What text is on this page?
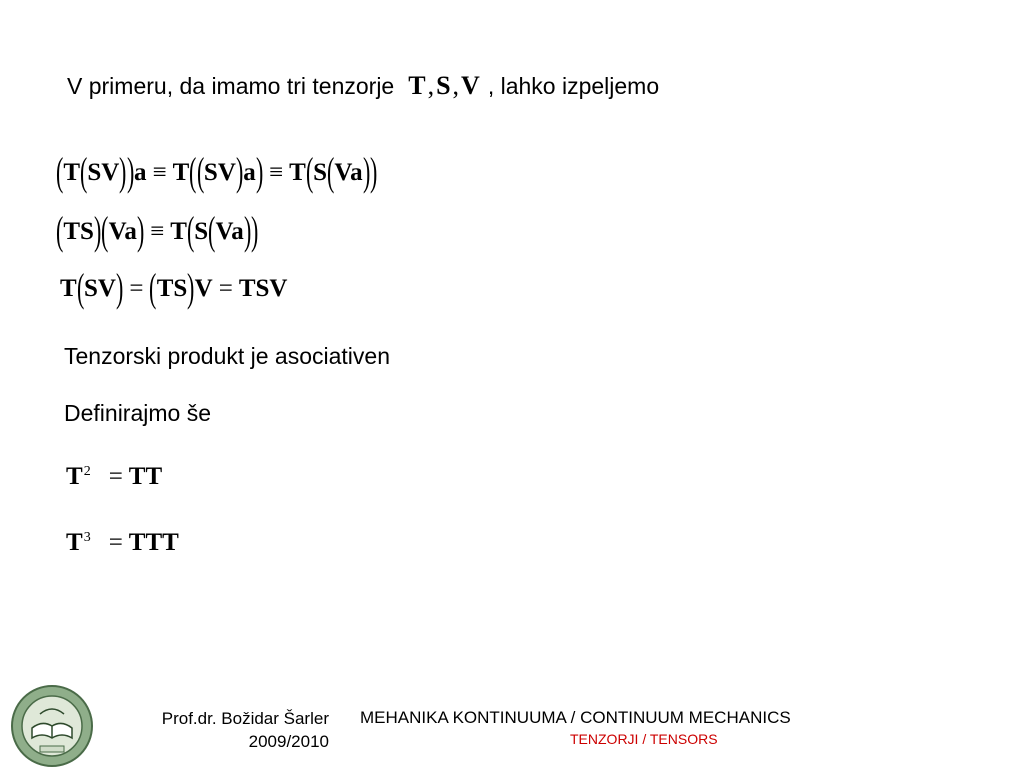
V primeru, da imamo tri tenzorje T,S,V , lahko izpeljemo
( T ( SV ) ) a ≡ T ( ( SV ) a ) ≡ T ( S ( Va ) )
( TS ) ( Va ) ≡ T ( S ( Va ) )
T ( SV ) = ( TS ) V = TSV
Tenzorski produkt je asociativen
Definirajmo še
$T^2$ = TT
$T^3$ = TTT
Prof.dr. Božidar Šarler
2009/2010
MEHANIKA KONTINUUMA / CONTINUUM MECHANICS
TENZORJI / TENSORS
